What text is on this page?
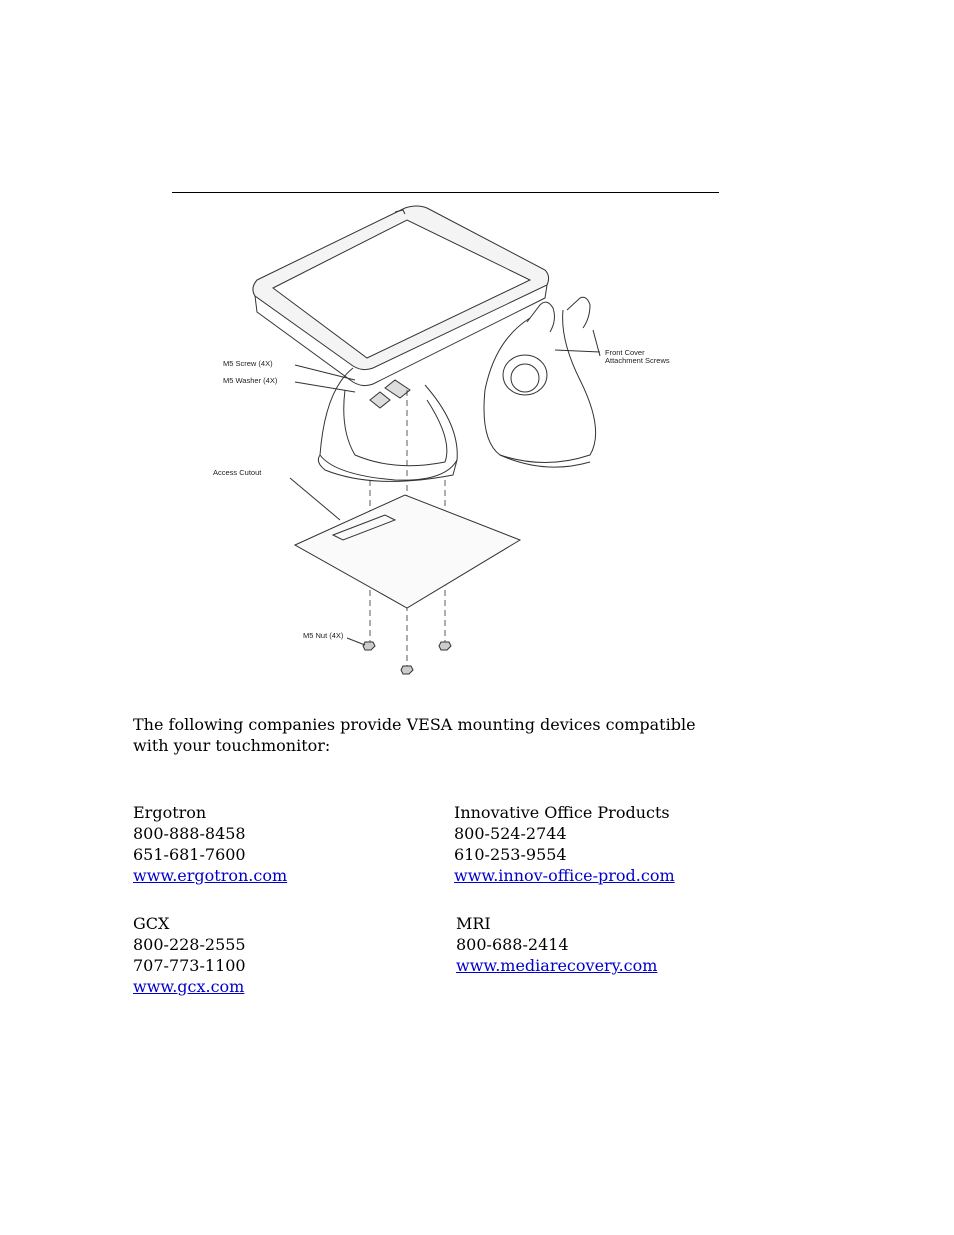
M5 Screw (4X)
M5 Washer (4X)
Front Cover
Attachment Screws
Access Cutout
M5 Nut (4X)
The following companies provide VESA mounting devices compatible with your touchmonitor:
Ergotron
800-888-8458
651-681-7600
www.ergotron.com
Innovative Office Products
800-524-2744
610-253-9554
www.innov-office-prod.com
GCX
800-228-2555
707-773-1100
www.gcx.com
MRI
800-688-2414
www.mediarecovery.com
